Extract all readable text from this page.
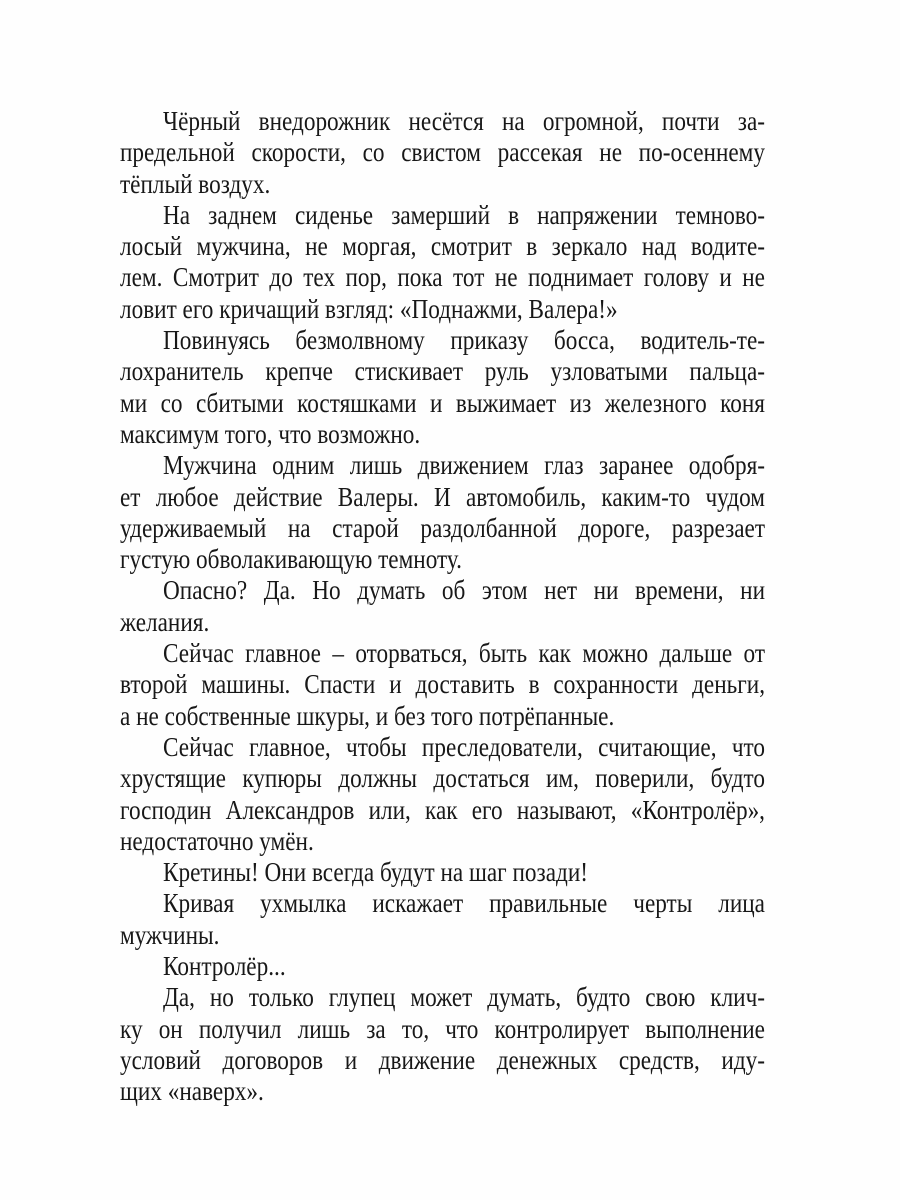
Чёрный внедорожник несётся на огромной, почти за-
предельной скорости, со свистом рассекая не по-осеннему
тёплый воздух.

На заднем сиденье замерший в напряжении темново-
лосый мужчина, не моргая, смотрит в зеркало над водите-
лем. Смотрит до тех пор, пока тот не поднимает голову и не
ловит его кричащий взгляд: «Поднажми, Валера!»

Повинуясь безмолвному приказу босса, водитель-те-
лохранитель крепче стискивает руль узловатыми пальца-
ми со сбитыми костяшками и выжимает из железного коня
максимум того, что возможно.

Мужчина одним лишь движением глаз заранее одобря-
ет любое действие Валеры. И автомобиль, каким-то чудом
удерживаемый на старой раздолбанной дороге, разрезает
густую обволакивающую темноту.

Опасно? Да. Но думать об этом нет ни времени, ни
желания.

Сейчас главное – оторваться, быть как можно дальше от
второй машины. Спасти и доставить в сохранности деньги,
а не собственные шкуры, и без того потрёпанные.

Сейчас главное, чтобы преследователи, считающие, что
хрустящие купюры должны достаться им, поверили, будто
господин Александров или, как его называют, «Контролёр»,
недостаточно умён.

Кретины! Они всегда будут на шаг позади!

Кривая ухмылка искажает правильные черты лица
мужчины.

Контролёр...

Да, но только глупец может думать, будто свою клич-
ку он получил лишь за то, что контролирует выполнение
условий договоров и движение денежных средств, иду-
щих «наверх».
